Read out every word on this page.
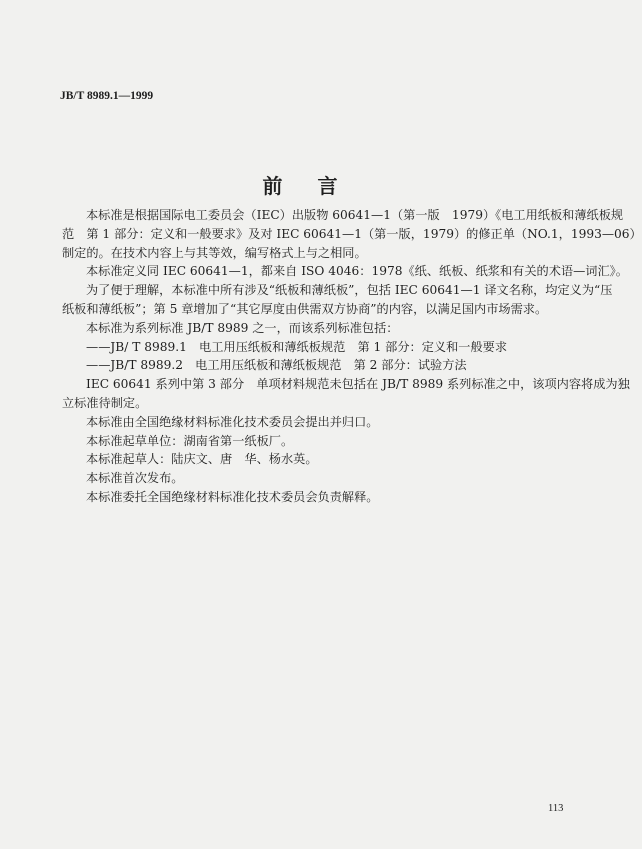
JB/T 8989.1—1999
前 言
本标准是根据国际电工委员会（IEC）出版物 60641—1（第一版　1979）《电工用纸板和薄纸板规
范　第 1 部分：定义和一般要求》及对 IEC 60641—1（第一版，1979）的修正单（NO.1，1993—06）
制定的。在技术内容上与其等效，编写格式上与之相同。
本标准定义同 IEC 60641—1，都来自 ISO 4046：1978《纸、纸板、纸浆和有关的术语—词汇》。
为了便于理解，本标准中所有涉及“纸板和薄纸板”，包括 IEC 60641—1 译文名称，均定义为“压
纸板和薄纸板”；第 5 章增加了“其它厚度由供需双方协商”的内容，以满足国内市场需求。
本标准为系列标准 JB/T 8989 之一，而该系列标准包括：
——JB/ T 8989.1　电工用压纸板和薄纸板规范　第 1 部分：定义和一般要求
——JB/T 8989.2　电工用压纸板和薄纸板规范　第 2 部分：试验方法
IEC 60641 系列中第 3 部分　单项材料规范未包括在 JB/T 8989 系列标准之中，该项内容将成为独
立标准待制定。
本标准由全国绝缘材料标准化技术委员会提出并归口。
本标准起草单位：湖南省第一纸板厂。
本标准起草人：陆庆文、唐　华、杨水英。
本标准首次发布。
本标准委托全国绝缘材料标准化技术委员会负责解释。
113
